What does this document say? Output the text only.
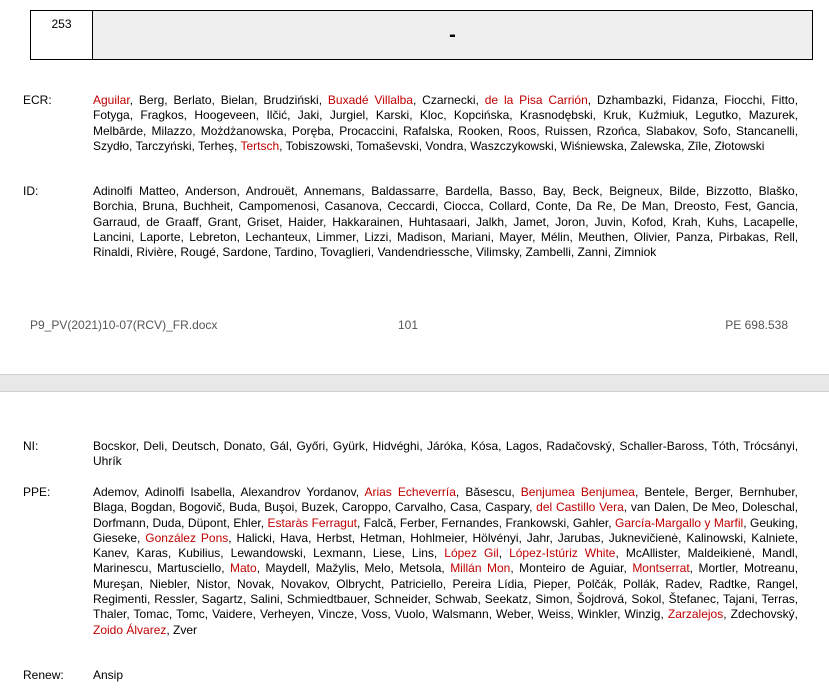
253	-
ECR:	Aguilar, Berg, Berlato, Bielan, Brudziński, Buxadé Villalba, Czarnecki, de la Pisa Carrión, Dzhambazki, Fidanza, Fiocchi, Fitto, Fotyga, Fragkos, Hoogeveen, Ilčić, Jaki, Jurgiel, Karski, Kloc, Kopcińska, Krasnodębski, Kruk, Kuźmiuk, Legutko, Mazurek, Melbārde, Milazzo, Możdżanowska, Poręba, Procaccini, Rafalska, Rooken, Roos, Ruissen, Rzońca, Slabakov, Sofo, Stancanelli, Szydło, Tarczyński, Terheş, Tertsch, Tobiszowski, Tomaševski, Vondra, Waszczykowski, Wiśniewska, Zalewska, Zīle, Złotowski
ID:	Adinolfi Matteo, Anderson, Androuët, Annemans, Baldassarre, Bardella, Basso, Bay, Beck, Beigneux, Bilde, Bizzotto, Blaško, Borchia, Bruna, Buchheit, Campomenosi, Casanova, Ceccardi, Ciocca, Collard, Conte, Da Re, De Man, Dreosto, Fest, Gancia, Garraud, de Graaff, Grant, Griset, Haider, Hakkarainen, Huhtasaari, Jalkh, Jamet, Joron, Juvin, Kofod, Krah, Kuhs, Lacapelle, Lancini, Laporte, Lebreton, Lechanteux, Limmer, Lizzi, Madison, Mariani, Mayer, Mélin, Meuthen, Olivier, Panza, Pirbakas, Rell, Rinaldi, Rivière, Rougé, Sardone, Tardino, Tovaglieri, Vandendriessche, Vilimsky, Zambelli, Zanni, Zimniok
P9_PV(2021)10-07(RCV)_FR.docx	101	PE 698.538
NI:	Bocskor, Deli, Deutsch, Donato, Gál, Győri, Gyürk, Hidvéghi, Járóka, Kósa, Lagos, Radačovský, Schaller-Baross, Tóth, Trócsányi, Uhrík
PPE:	Ademov, Adinolfi Isabella, Alexandrov Yordanov, Arias Echeverría, Băsescu, Benjumea Benjumea, Bentele, Berger, Bernhuber, Blaga, Bogdan, Bogovič, Buda, Buşoi, Buzek, Caroppo, Carvalho, Casa, Caspary, del Castillo Vera, van Dalen, De Meo, Doleschal, Dorfmann, Duda, Düpont, Ehler, Estaràs Ferragut, Falcă, Ferber, Fernandes, Frankowski, Gahler, García-Margallo y Marfil, Geuking, Gieseke, González Pons, Halicki, Hava, Herbst, Hetman, Hohlmeier, Hölvényi, Jahr, Jarubas, Juknevičienė, Kalinowski, Kalniete, Kanev, Karas, Kubilius, Lewandowski, Lexmann, Liese, Lins, López Gil, López-Istúriz White, McAllister, Maldeikienė, Mandl, Marinescu, Martusciello, Mato, Maydell, Mažylis, Melo, Metsola, Millán Mon, Monteiro de Aguiar, Montserrat, Mortler, Motreanu, Mureşan, Niebler, Nistor, Novak, Novakov, Olbrycht, Patriciello, Pereira Lídia, Pieper, Polčák, Pollák, Radev, Radtke, Rangel, Regimenti, Ressler, Sagartz, Salini, Schmiedtbauer, Schneider, Schwab, Seekatz, Simon, Šojdrová, Sokol, Štefanec, Tajani, Terras, Thaler, Tomac, Tomc, Vaidere, Verheyen, Vincze, Voss, Vuolo, Walsmann, Weber, Weiss, Winkler, Winzig, Zarzalejos, Zdechovský, Zoido Álvarez, Zver
Renew:	Ansip
